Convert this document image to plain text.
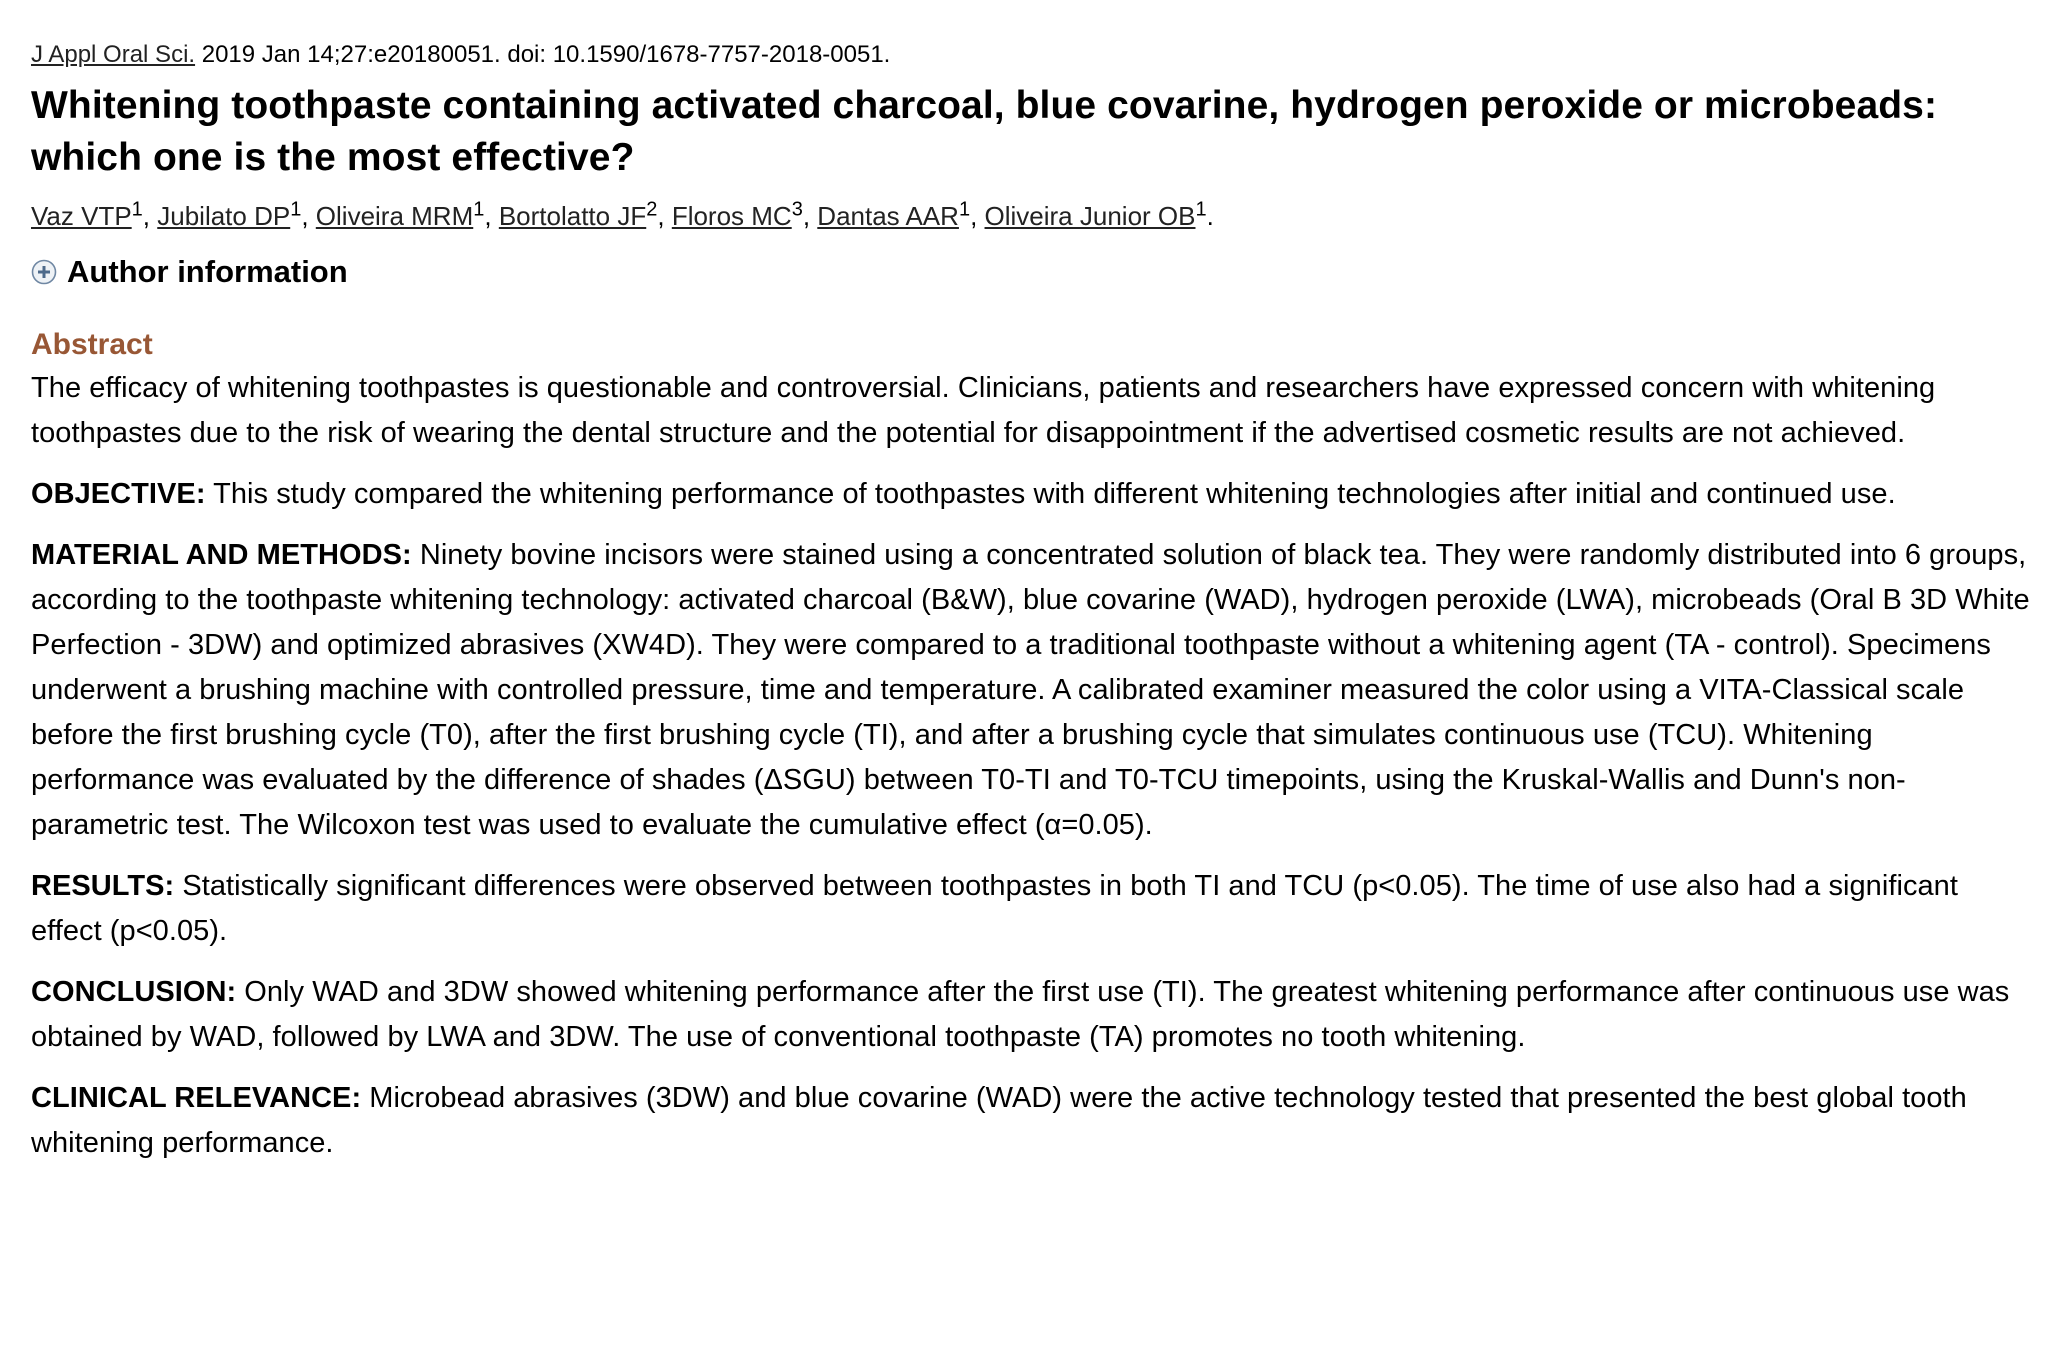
J Appl Oral Sci. 2019 Jan 14;27:e20180051. doi: 10.1590/1678-7757-2018-0051.
Whitening toothpaste containing activated charcoal, blue covarine, hydrogen peroxide or microbeads: which one is the most effective?
Vaz VTP$^1$, Jubilato $DP^1$, Oliveira MRM$^1$, Bortolatto $JF^2$, Floros $MC^3$, Dantas AAR$^1$, Oliveira Junior $OB^1$.
Author information
Abstract

The efficacy of whitening toothpastes is questionable and controversial. Clinicians, patients and researchers have expressed concern with whitening toothpastes due to the risk of wearing the dental structure and the potential for disappointment if the advertised cosmetic results are not achieved.

OBJECTIVE: This study compared the whitening performance of toothpastes with different whitening technologies after initial and continued use.

MATERIAL AND METHODS: Ninety bovine incisors were stained using a concentrated solution of black tea. They were randomly distributed into 6 groups, according to the toothpaste whitening technology: activated charcoal (B&W), blue covarine (WAD), hydrogen peroxide (LWA), microbeads (Oral B 3D White Perfection - 3DW) and optimized abrasives (XW4D). They were compared to a traditional toothpaste without a whitening agent (TA - control). Specimens underwent a brushing machine with controlled pressure, time and temperature. A calibrated examiner measured the color using a VITA-Classical scale before the first brushing cycle (T0), after the first brushing cycle (TI), and after a brushing cycle that simulates continuous use (TCU). Whitening performance was evaluated by the difference of shades (ΔSGU) between T0-TI and T0-TCU timepoints, using the Kruskal-Wallis and Dunn's non-parametric test. The Wilcoxon test was used to evaluate the cumulative effect (α=0.05).

RESULTS: Statistically significant differences were observed between toothpastes in both TI and TCU (p<0.05). The time of use also had a significant effect (p<0.05).

CONCLUSION: Only WAD and 3DW showed whitening performance after the first use (TI). The greatest whitening performance after continuous use was obtained by WAD, followed by LWA and 3DW. The use of conventional toothpaste (TA) promotes no tooth whitening.

CLINICAL RELEVANCE: Microbead abrasives (3DW) and blue covarine (WAD) were the active technology tested that presented the best global tooth whitening performance.
